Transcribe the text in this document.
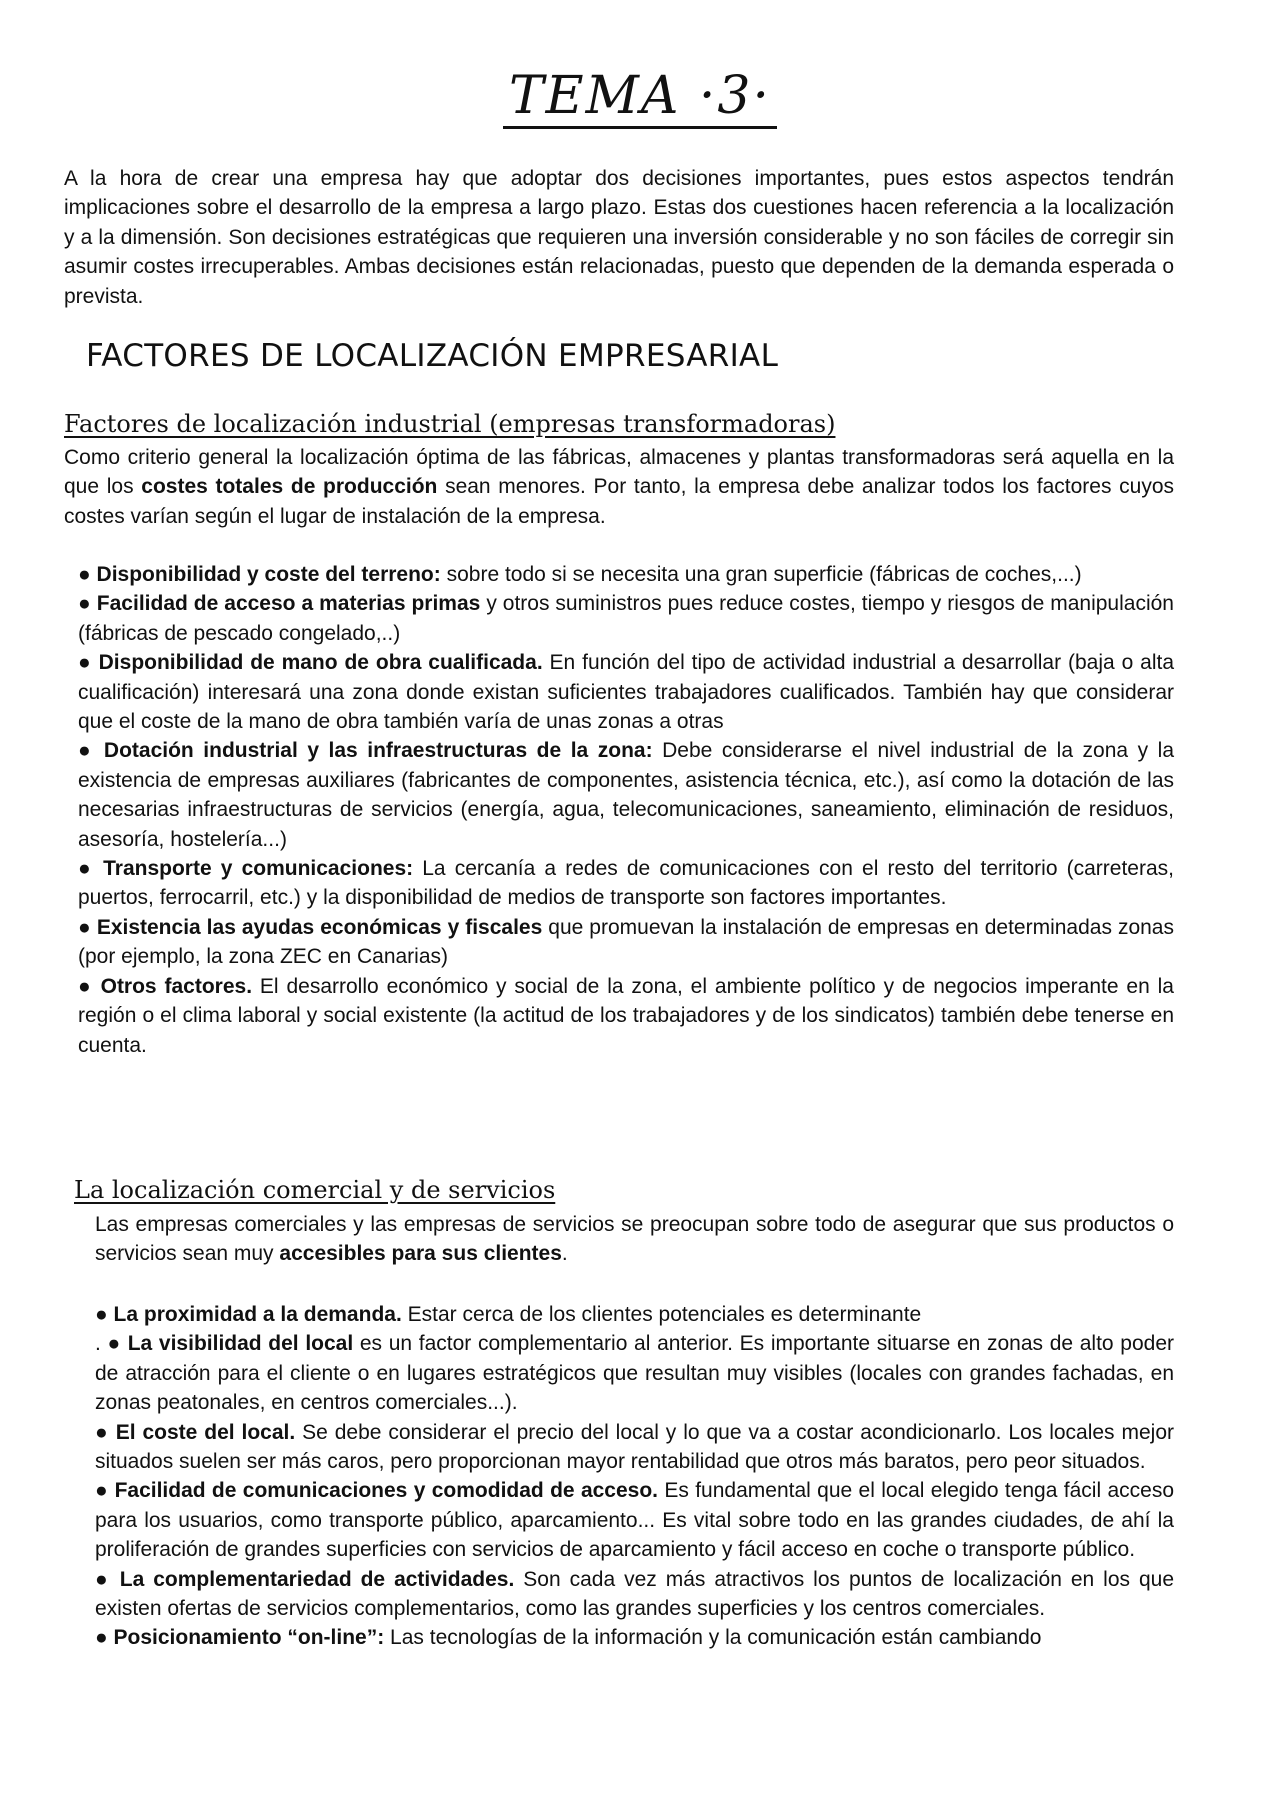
TEMA ·3·

A la hora de crear una empresa hay que adoptar dos decisiones importantes, pues estos aspectos tendrán implicaciones sobre el desarrollo de la empresa a largo plazo. Estas dos cuestiones hacen referencia a la localización y a la dimensión. Son decisiones estratégicas que requieren una inversión considerable y no son fáciles de corregir sin asumir costes irrecuperables. Ambas decisiones están relacionadas, puesto que dependen de la demanda esperada o prevista.

FACTORES DE LOCALIZACIÓN EMPRESARIAL
Factores de localización industrial (empresas transformadoras)

Como criterio general la localización óptima de las fábricas, almacenes y plantas transformadoras será aquella en la que los costes totales de producción sean menores. Por tanto, la empresa debe analizar todos los factores cuyos costes varían según el lugar de instalación de la empresa.

● Disponibilidad y coste del terreno: sobre todo si se necesita una gran superficie (fábricas de coches,...)
● Facilidad de acceso a materias primas y otros suministros pues reduce costes, tiempo y riesgos de manipulación (fábricas de pescado congelado,..)
● Disponibilidad de mano de obra cualificada. En función del tipo de actividad industrial a desarrollar (baja o alta cualificación) interesará una zona donde existan suficientes trabajadores cualificados. También hay que considerar que el coste de la mano de obra también varía de unas zonas a otras
● Dotación industrial y las infraestructuras de la zona: Debe considerarse el nivel industrial de la zona y la existencia de empresas auxiliares (fabricantes de componentes, asistencia técnica, etc.), así como la dotación de las necesarias infraestructuras de servicios (energía, agua, telecomunicaciones, saneamiento, eliminación de residuos, asesoría, hostelería...)
● Transporte y comunicaciones: La cercanía a redes de comunicaciones con el resto del territorio (carreteras, puertos, ferrocarril, etc.) y la disponibilidad de medios de transporte son factores importantes.
● Existencia las ayudas económicas y fiscales que promuevan la instalación de empresas en determinadas zonas (por ejemplo, la zona ZEC en Canarias)
● Otros factores. El desarrollo económico y social de la zona, el ambiente político y de negocios imperante en la región o el clima laboral y social existente (la actitud de los trabajadores y de los sindicatos) también debe tenerse en cuenta.
La localización comercial y de servicios

Las empresas comerciales y las empresas de servicios se preocupan sobre todo de asegurar que sus productos o servicios sean muy accesibles para sus clientes.

● La proximidad a la demanda. Estar cerca de los clientes potenciales es determinante
. ● La visibilidad del local es un factor complementario al anterior. Es importante situarse en zonas de alto poder de atracción para el cliente o en lugares estratégicos que resultan muy visibles (locales con grandes fachadas, en zonas peatonales, en centros comerciales...).
● El coste del local. Se debe considerar el precio del local y lo que va a costar acondicionarlo. Los locales mejor situados suelen ser más caros, pero proporcionan mayor rentabilidad que otros más baratos, pero peor situados.
● Facilidad de comunicaciones y comodidad de acceso. Es fundamental que el local elegido tenga fácil acceso para los usuarios, como transporte público, aparcamiento... Es vital sobre todo en las grandes ciudades, de ahí la proliferación de grandes superficies con servicios de aparcamiento y fácil acceso en coche o transporte público.
● La complementariedad de actividades. Son cada vez más atractivos los puntos de localización en los que existen ofertas de servicios complementarios, como las grandes superficies y los centros comerciales.
● Posicionamiento “on-line”: Las tecnologías de la información y la comunicación están cambiando
